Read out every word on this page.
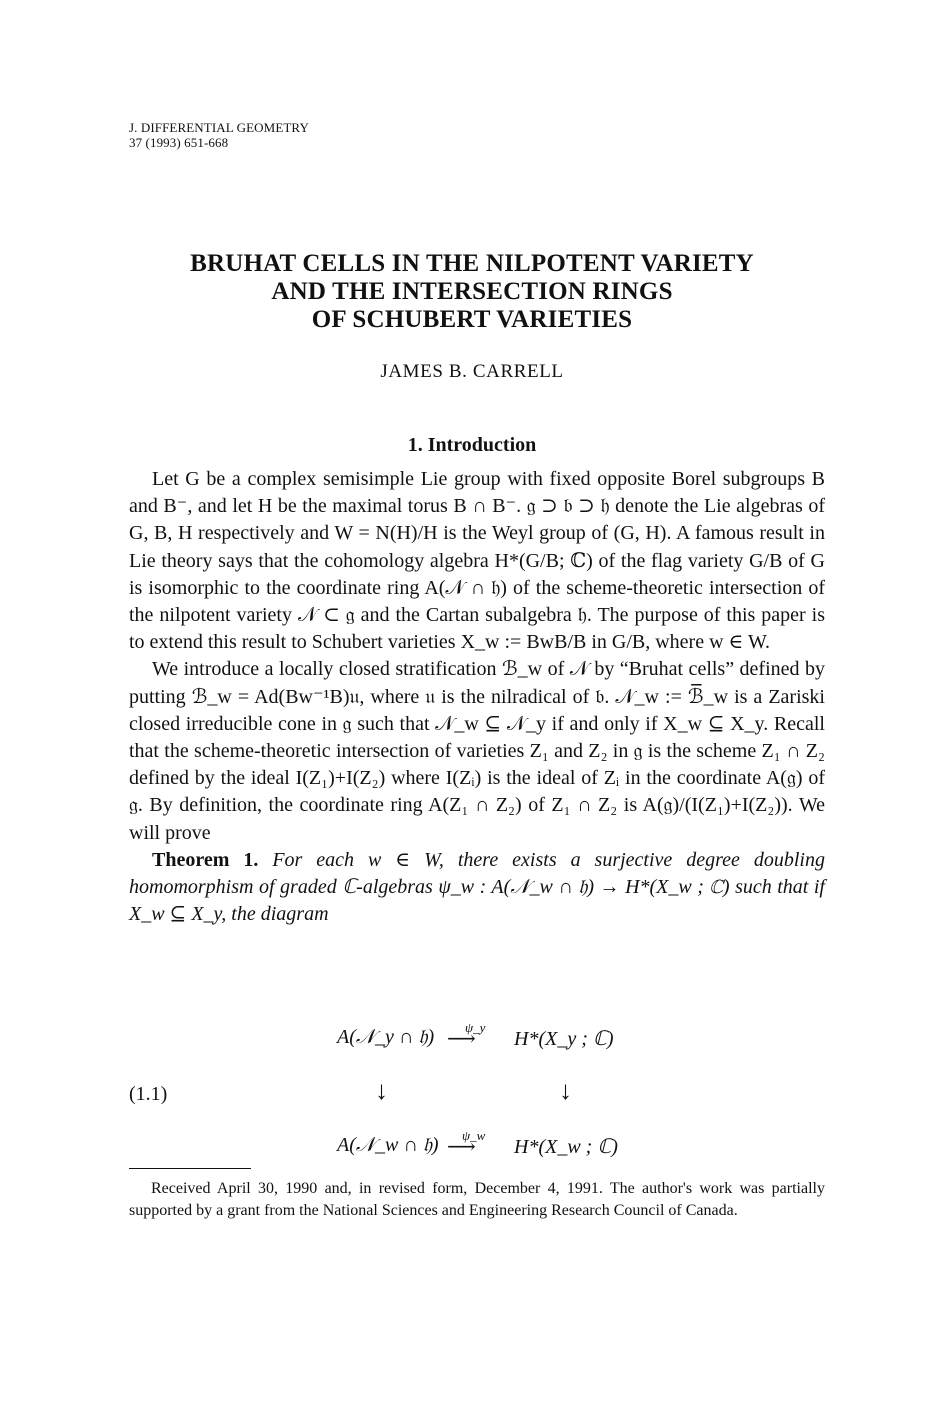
J. DIFFERENTIAL GEOMETRY
37 (1993) 651-668
BRUHAT CELLS IN THE NILPOTENT VARIETY
AND THE INTERSECTION RINGS
OF SCHUBERT VARIETIES
JAMES B. CARRELL
1. Introduction

Let G be a complex semisimple Lie group with fixed opposite Borel subgroups B and B⁻, and let H be the maximal torus B ∩ B⁻. 𝔤 ⊃ 𝔟 ⊃ 𝔥 denote the Lie algebras of G, B, H respectively and W = N(H)/H is the Weyl group of (G, H). A famous result in Lie theory says that the cohomology algebra H*(G/B; ℂ) of the flag variety G/B of G is isomorphic to the coordinate ring A(𝒩 ∩ 𝔥) of the scheme-theoretic intersection of the nilpotent variety 𝒩 ⊂ 𝔤 and the Cartan subalgebra 𝔥. The purpose of this paper is to extend this result to Schubert varieties X_w := BwB/B in G/B, where w ∈ W.

We introduce a locally closed stratification ℬ_w of 𝒩 by “Bruhat cells” defined by putting ℬ_w = Ad(Bw⁻¹B)𝔲, where 𝔲 is the nilradical of 𝔟. 𝒩_w := ℬ̅_w is a Zariski closed irreducible cone in 𝔤 such that 𝒩_w ⊆ 𝒩_y if and only if X_w ⊆ X_y. Recall that the scheme-theoretic intersection of varieties Z₁ and Z₂ in 𝔤 is the scheme Z₁ ∩ Z₂ defined by the ideal I(Z₁)+I(Z₂) where I(Zᵢ) is the ideal of Zᵢ in the coordinate A(𝔤) of 𝔤. By definition, the coordinate ring A(Z₁ ∩ Z₂) of Z₁ ∩ Z₂ is A(𝔤)/(I(Z₁)+I(Z₂)). We will prove

Theorem 1. For each w ∈ W, there exists a surjective degree doubling homomorphism of graded ℂ-algebras ψ_w : A(𝒩_w ∩ 𝔥) → H*(X_w ; ℂ) such that if X_w ⊆ X_y, the diagram

(1.1)
A(𝒩_y ∩ 𝔥) ψ_y
⟶ H*(X_y ; ℂ)
↓	↓
A(𝒩_w ∩ 𝔥) ψ_w
⟶ H*(X_w ; ℂ)

Received April 30, 1990 and, in revised form, December 4, 1991. The author's work was partially supported by a grant from the National Sciences and Engineering Research Council of Canada.
